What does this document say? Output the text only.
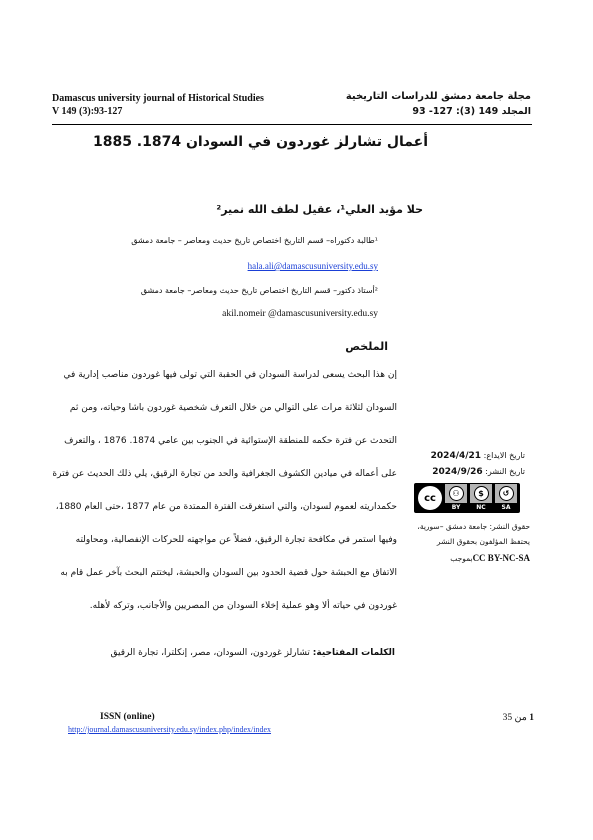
Damascus university journal of Historical Studies
V 149 (3):93-127
مجلة جامعة دمشق للدراسات التاريخية
المجلد 149 (3): 127- 93
أعمال تشارلز غوردون في السودان 1874. 1885
حلا مؤيد العلي¹، عقيل لطف الله نمير²
¹طالبة دكتوراه– قسم التاريخ اختصاص تاريخ حديث ومعاصر – جامعة دمشق
hala.ali@damascusuniversity.edu.sy
²أستاذ دكتور– قسم التاريخ اختصاص تاريخ حديث ومعاصر– جامعة دمشق
akil.nomeir @damascusuniversity.edu.sy
الملخص
إن هذا البحث يسعى لدراسة السودان في الحقبة التي تولى فيها غوردون مناصب إدارية في
السودان لثلاثة مرات على التوالي من خلال التعرف شخصية غوردون باشا وحياته، ومن ثم
التحدث عن فترة حكمه للمنطقة الإستوائية في الجنوب بين عامي 1874. 1876 ، والتعرف
على أعماله في ميادين الكشوف الجغرافية والحد من تجارة الرقيق، يلي ذلك الحديث عن فترة
حكمداريته لعموم لسودان، والتي استغرقت الفترة الممتدة من عام 1877 ،حتى العام 1880،
وفيها استمر في مكافحة تجارة الرقيق، فضلاً عن مواجهته للحركات الإنفصالية، ومحاولته
الاتفاق مع الحبشة حول قضية الحدود بين السودان والحبشة، ليختتم البحث بآخر عمل قام به
غوردون في حياته ألا وهو عملية إخلاء السودان من المصريين والأجانب، وتركه لأهله.
الكلمات المفتاحية: تشارلز غوردون، السودان، مصر، إنكلترا، تجارة الرقيق
تاريخ الايداع: 2024/4/21
تاريخ النشر: 2024/9/26
cc	⚇
BY
$
NC
↺
SA
حقوق النشر: جامعة دمشق –سورية،
يحتفظ المؤلفون بحقوق النشر
CC BY-NC-SAبموجب
ISSN (online)
http://journal.damascusuniversity.edu.sy/index.php/index/index
1 من 35
